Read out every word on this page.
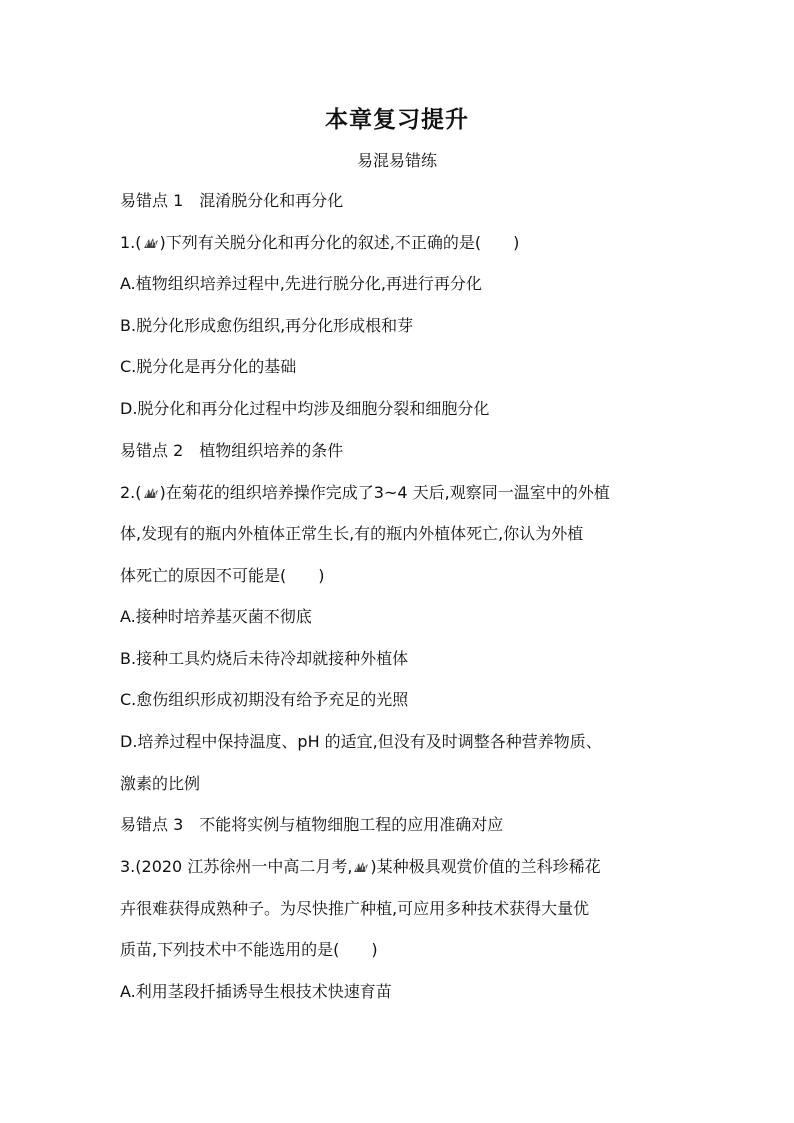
本章复习提升
易混易错练
易错点 1　混淆脱分化和再分化
1.( )下列有关脱分化和再分化的叙述,不正确的是(　　)
A.植物组织培养过程中,先进行脱分化,再进行再分化
B.脱分化形成愈伤组织,再分化形成根和芽
C.脱分化是再分化的基础
D.脱分化和再分化过程中均涉及细胞分裂和细胞分化
易错点 2　植物组织培养的条件
2.( )在菊花的组织培养操作完成了3~4 天后,观察同一温室中的外植
体,发现有的瓶内外植体正常生长,有的瓶内外植体死亡,你认为外植
体死亡的原因不可能是(　　)
A.接种时培养基灭菌不彻底
B.接种工具灼烧后未待冷却就接种外植体
C.愈伤组织形成初期没有给予充足的光照
D.培养过程中保持温度、pH 的适宜,但没有及时调整各种营养物质、
激素的比例
易错点 3　不能将实例与植物细胞工程的应用准确对应
3.(2020 江苏徐州一中高二月考, )某种极具观赏价值的兰科珍稀花
卉很难获得成熟种子。为尽快推广种植,可应用多种技术获得大量优
质苗,下列技术中不能选用的是(　　)
A.利用茎段扦插诱导生根技术快速育苗
